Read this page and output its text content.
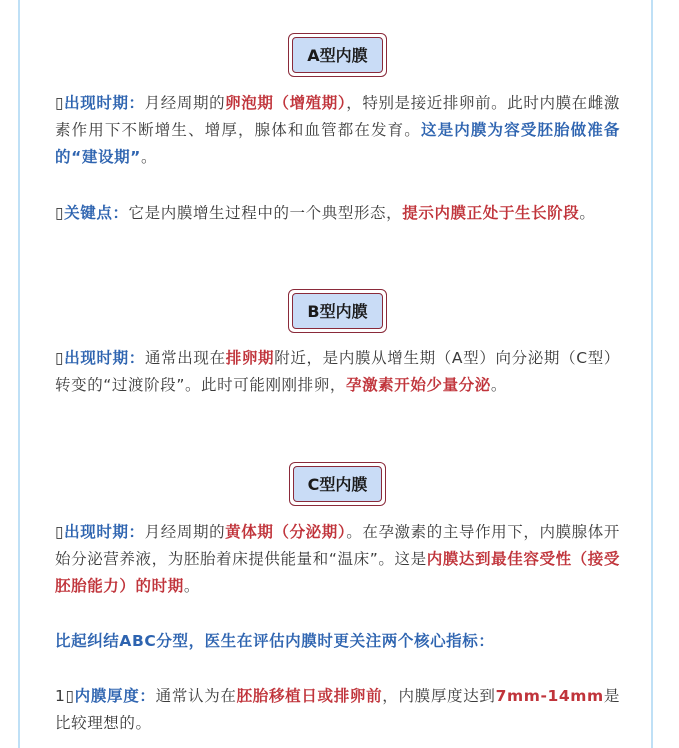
A型内膜

▯出现时期：月经周期的卵泡期（增殖期），特别是接近排卵前。此时内膜在雌激素作用下不断增生、增厚，腺体和血管都在发育。这是内膜为容受胚胎做准备的“建设期”。

▯关键点：它是内膜增生过程中的一个典型形态，提示内膜正处于生长阶段。

B型内膜

▯出现时期：通常出现在排卵期附近，是内膜从增生期（A型）向分泌期（C型）转变的“过渡阶段”。此时可能刚刚排卵，孕激素开始少量分泌。

C型内膜

▯出现时期：月经周期的黄体期（分泌期）。在孕激素的主导作用下，内膜腺体开始分泌营养液，为胚胎着床提供能量和“温床”。这是内膜达到最佳容受性（接受胚胎能力）的时期。

比起纠结ABC分型，医生在评估内膜时更关注两个核心指标：

1▯内膜厚度：通常认为在胚胎移植日或排卵前，内膜厚度达到7mm-14mm是比较理想的。
